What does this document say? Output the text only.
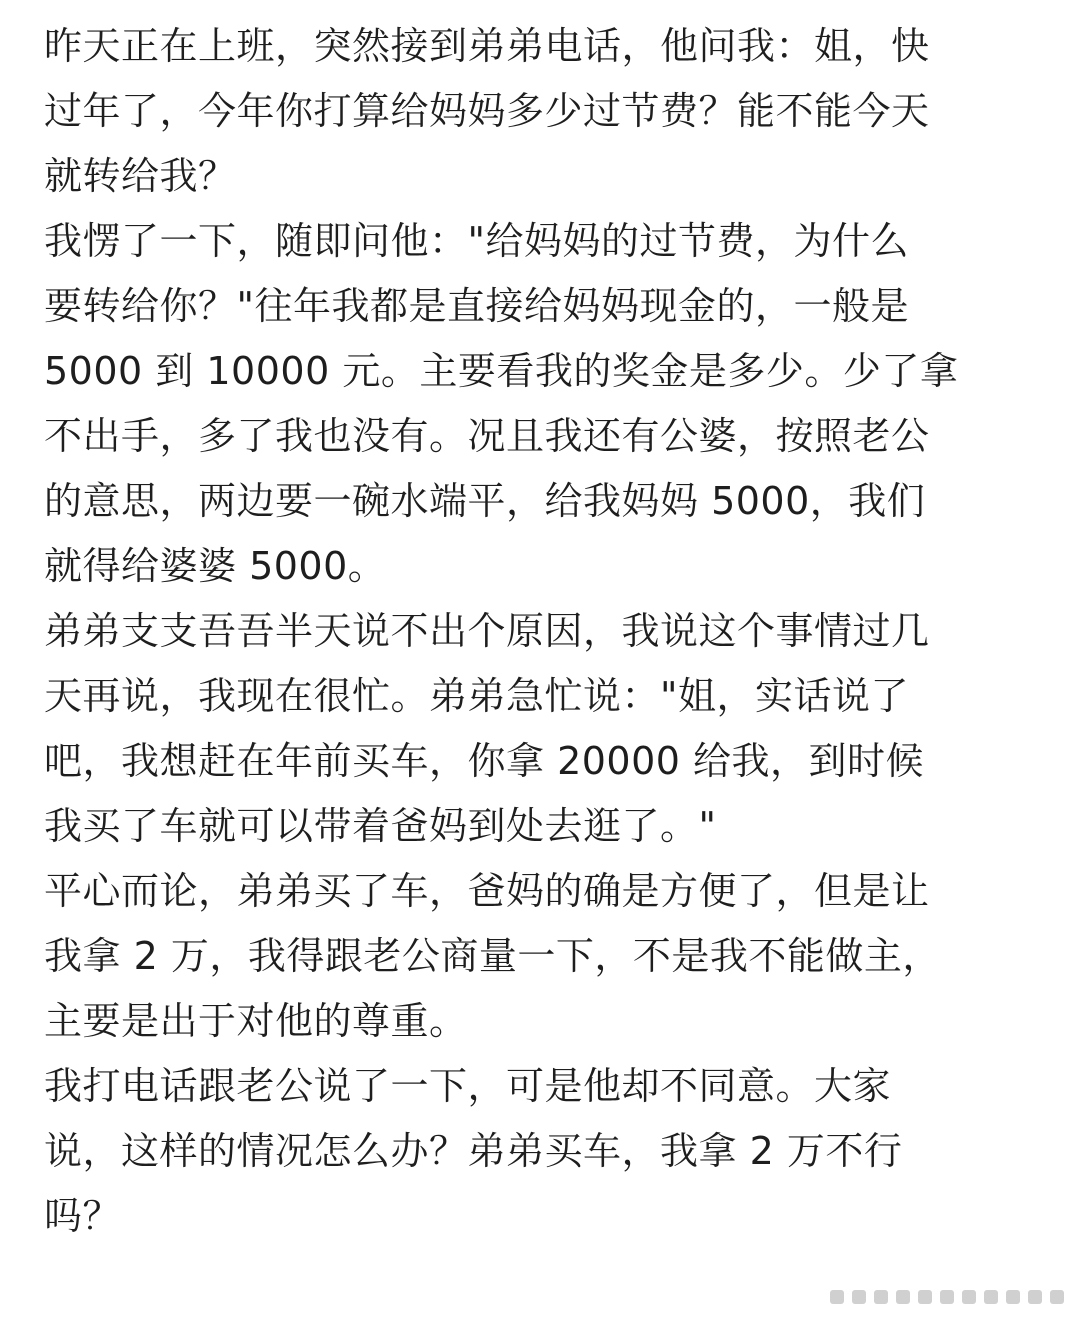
昨天正在上班，突然接到弟弟电话，他问我：姐，快
过年了，今年你打算给妈妈多少过节费？能不能今天
就转给我？
我愣了一下，随即问他："给妈妈的过节费，为什么
要转给你？"往年我都是直接给妈妈现金的，一般是
5000 到 10000 元。主要看我的奖金是多少。少了拿
不出手，多了我也没有。况且我还有公婆，按照老公
的意思，两边要一碗水端平，给我妈妈 5000，我们
就得给婆婆 5000。
弟弟支支吾吾半天说不出个原因，我说这个事情过几
天再说，我现在很忙。弟弟急忙说："姐，实话说了
吧，我想赶在年前买车，你拿 20000 给我，到时候
我买了车就可以带着爸妈到处去逛了。"
平心而论，弟弟买了车，爸妈的确是方便了，但是让
我拿 2 万，我得跟老公商量一下，不是我不能做主，
主要是出于对他的尊重。
我打电话跟老公说了一下，可是他却不同意。大家
说，这样的情况怎么办？弟弟买车，我拿 2 万不行
吗？
